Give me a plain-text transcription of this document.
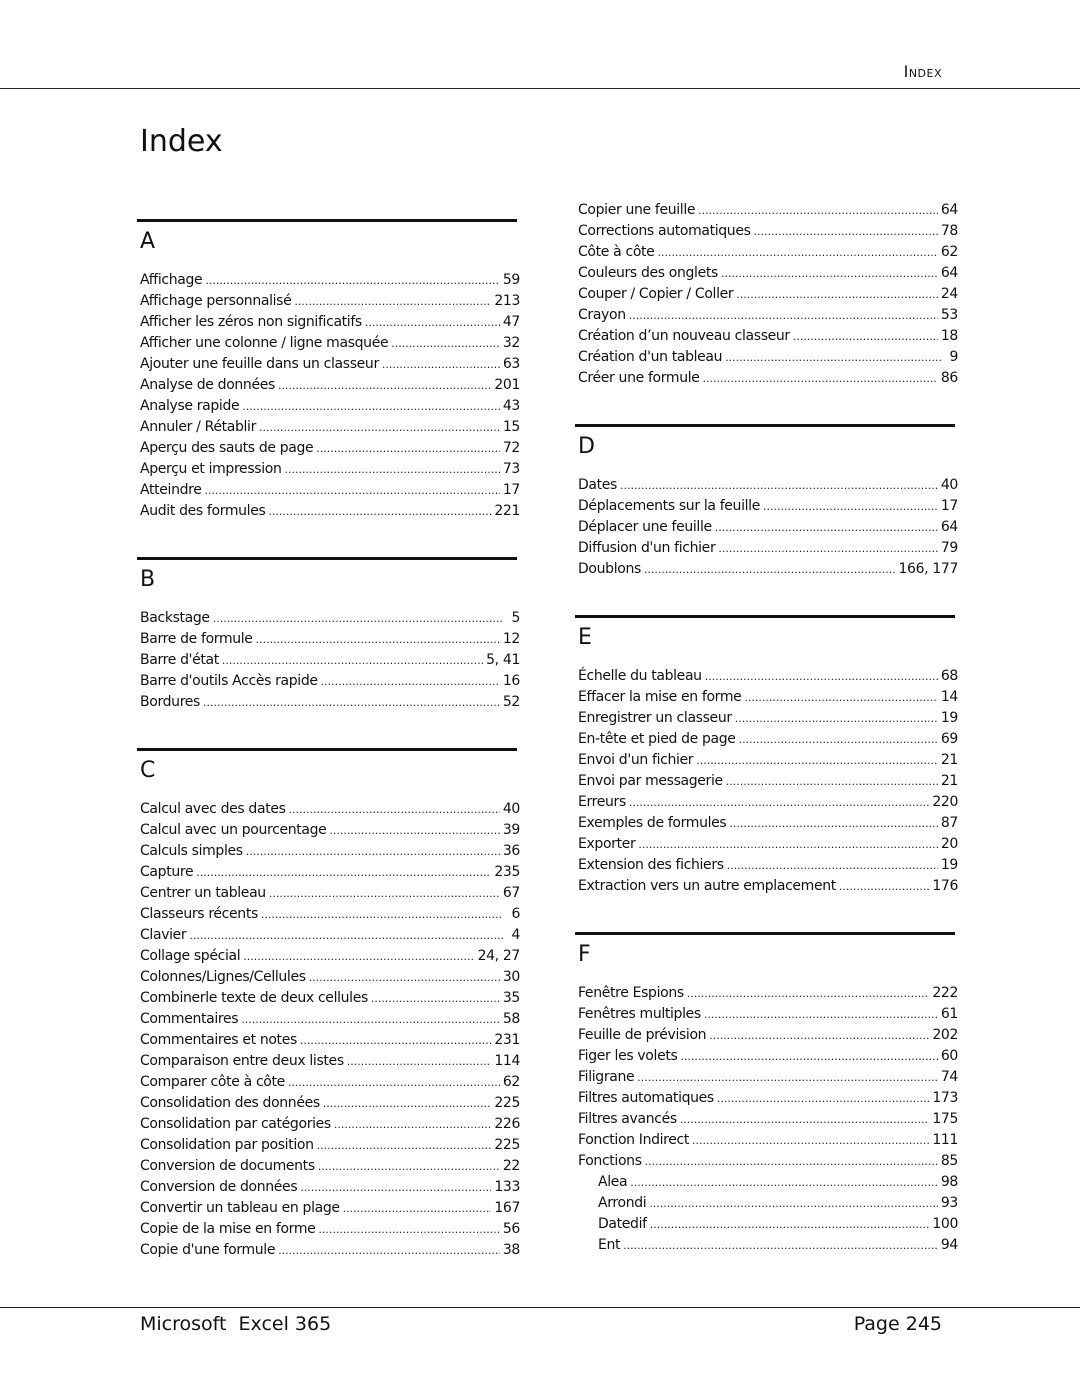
Index
Index
A
Affichage .....	59
Affichage personnalisé .....	213
Afficher les zéros non significatifs .....	47
Afficher une colonne / ligne masquée .....	32
Ajouter une feuille dans un classeur .....	63
Analyse de données .....	201
Analyse rapide .....	43
Annuler / Rétablir .....	15
Aperçu des sauts de page .....	72
Aperçu et impression .....	73
Atteindre .....	17
Audit des formules .....	221
B
Backstage .....	5
Barre de formule .....	12
Barre d'état .....	5, 41
Barre d'outils Accès rapide .....	16
Bordures .....	52
C
Calcul avec des dates .....	40
Calcul avec un pourcentage .....	39
Calculs simples .....	36
Capture .....	235
Centrer un tableau .....	67
Classeurs récents .....	6
Clavier .....	4
Collage spécial .....	24, 27
Colonnes/Lignes/Cellules .....	30
Combinerle texte de deux cellules .....	35
Commentaires .....	58
Commentaires et notes .....	231
Comparaison entre deux listes .....	114
Comparer côte à côte .....	62
Consolidation des données .....	225
Consolidation par catégories .....	226
Consolidation par position .....	225
Conversion de documents .....	22
Conversion de données .....	133
Convertir un tableau en plage .....	167
Copie de la mise en forme .....	56
Copie d'une formule .....	38
Copier une feuille .....	64
Corrections automatiques .....	78
Côte à côte .....	62
Couleurs des onglets .....	64
Couper / Copier / Coller .....	24
Crayon .....	53
Création d’un nouveau classeur .....	18
Création d'un tableau .....	9
Créer une formule .....	86
D
Dates .....	40
Déplacements sur la feuille .....	17
Déplacer une feuille .....	64
Diffusion d'un fichier .....	79
Doublons .....	166, 177
E
Échelle du tableau .....	68
Effacer la mise en forme .....	14
Enregistrer un classeur .....	19
En-tête et pied de page .....	69
Envoi d'un fichier .....	21
Envoi par messagerie .....	21
Erreurs .....	220
Exemples de formules .....	87
Exporter .....	20
Extension des fichiers .....	19
Extraction vers un autre emplacement .....	176
F
Fenêtre Espions .....	222
Fenêtres multiples .....	61
Feuille de prévision .....	202
Figer les volets .....	60
Filigrane .....	74
Filtres automatiques .....	173
Filtres avancés .....	175
Fonction Indirect .....	111
Fonctions .....	85
Alea .....	98
Arrondi .....	93
Datedif .....	100
Ent .....	94
Microsoft  Excel 365	Page 245
